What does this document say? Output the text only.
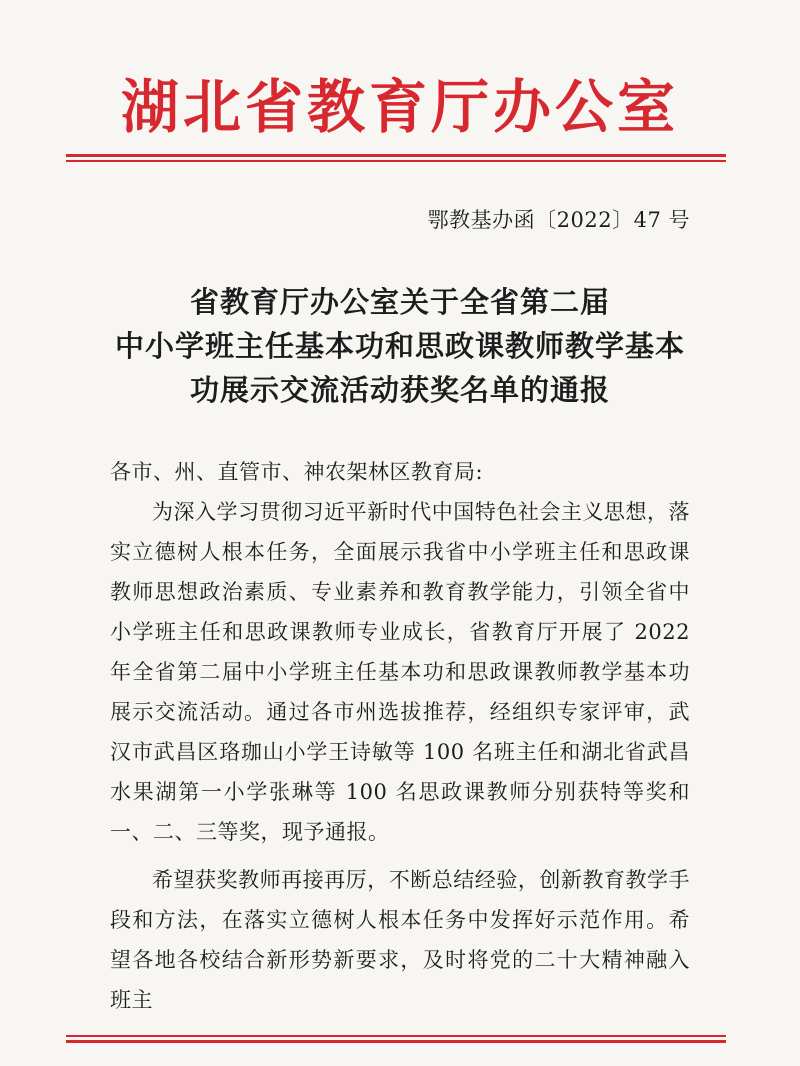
湖北省教育厅办公室
鄂教基办函〔2022〕47 号
省教育厅办公室关于全省第二届
中小学班主任基本功和思政课教师教学基本
功展示交流活动获奖名单的通报

各市、州、直管市、神农架林区教育局:

为深入学习贯彻习近平新时代中国特色社会主义思想，落实立德树人根本任务，全面展示我省中小学班主任和思政课教师思想政治素质、专业素养和教育教学能力，引领全省中小学班主任和思政课教师专业成长，省教育厅开展了 2022 年全省第二届中小学班主任基本功和思政课教师教学基本功展示交流活动。通过各市州选拔推荐，经组织专家评审，武汉市武昌区珞珈山小学王诗敏等 100 名班主任和湖北省武昌水果湖第一小学张琳等 100 名思政课教师分别获特等奖和一、二、三等奖，现予通报。

希望获奖教师再接再厉，不断总结经验，创新教育教学手段和方法，在落实立德树人根本任务中发挥好示范作用。希望各地各校结合新形势新要求，及时将党的二十大精神融入班主
